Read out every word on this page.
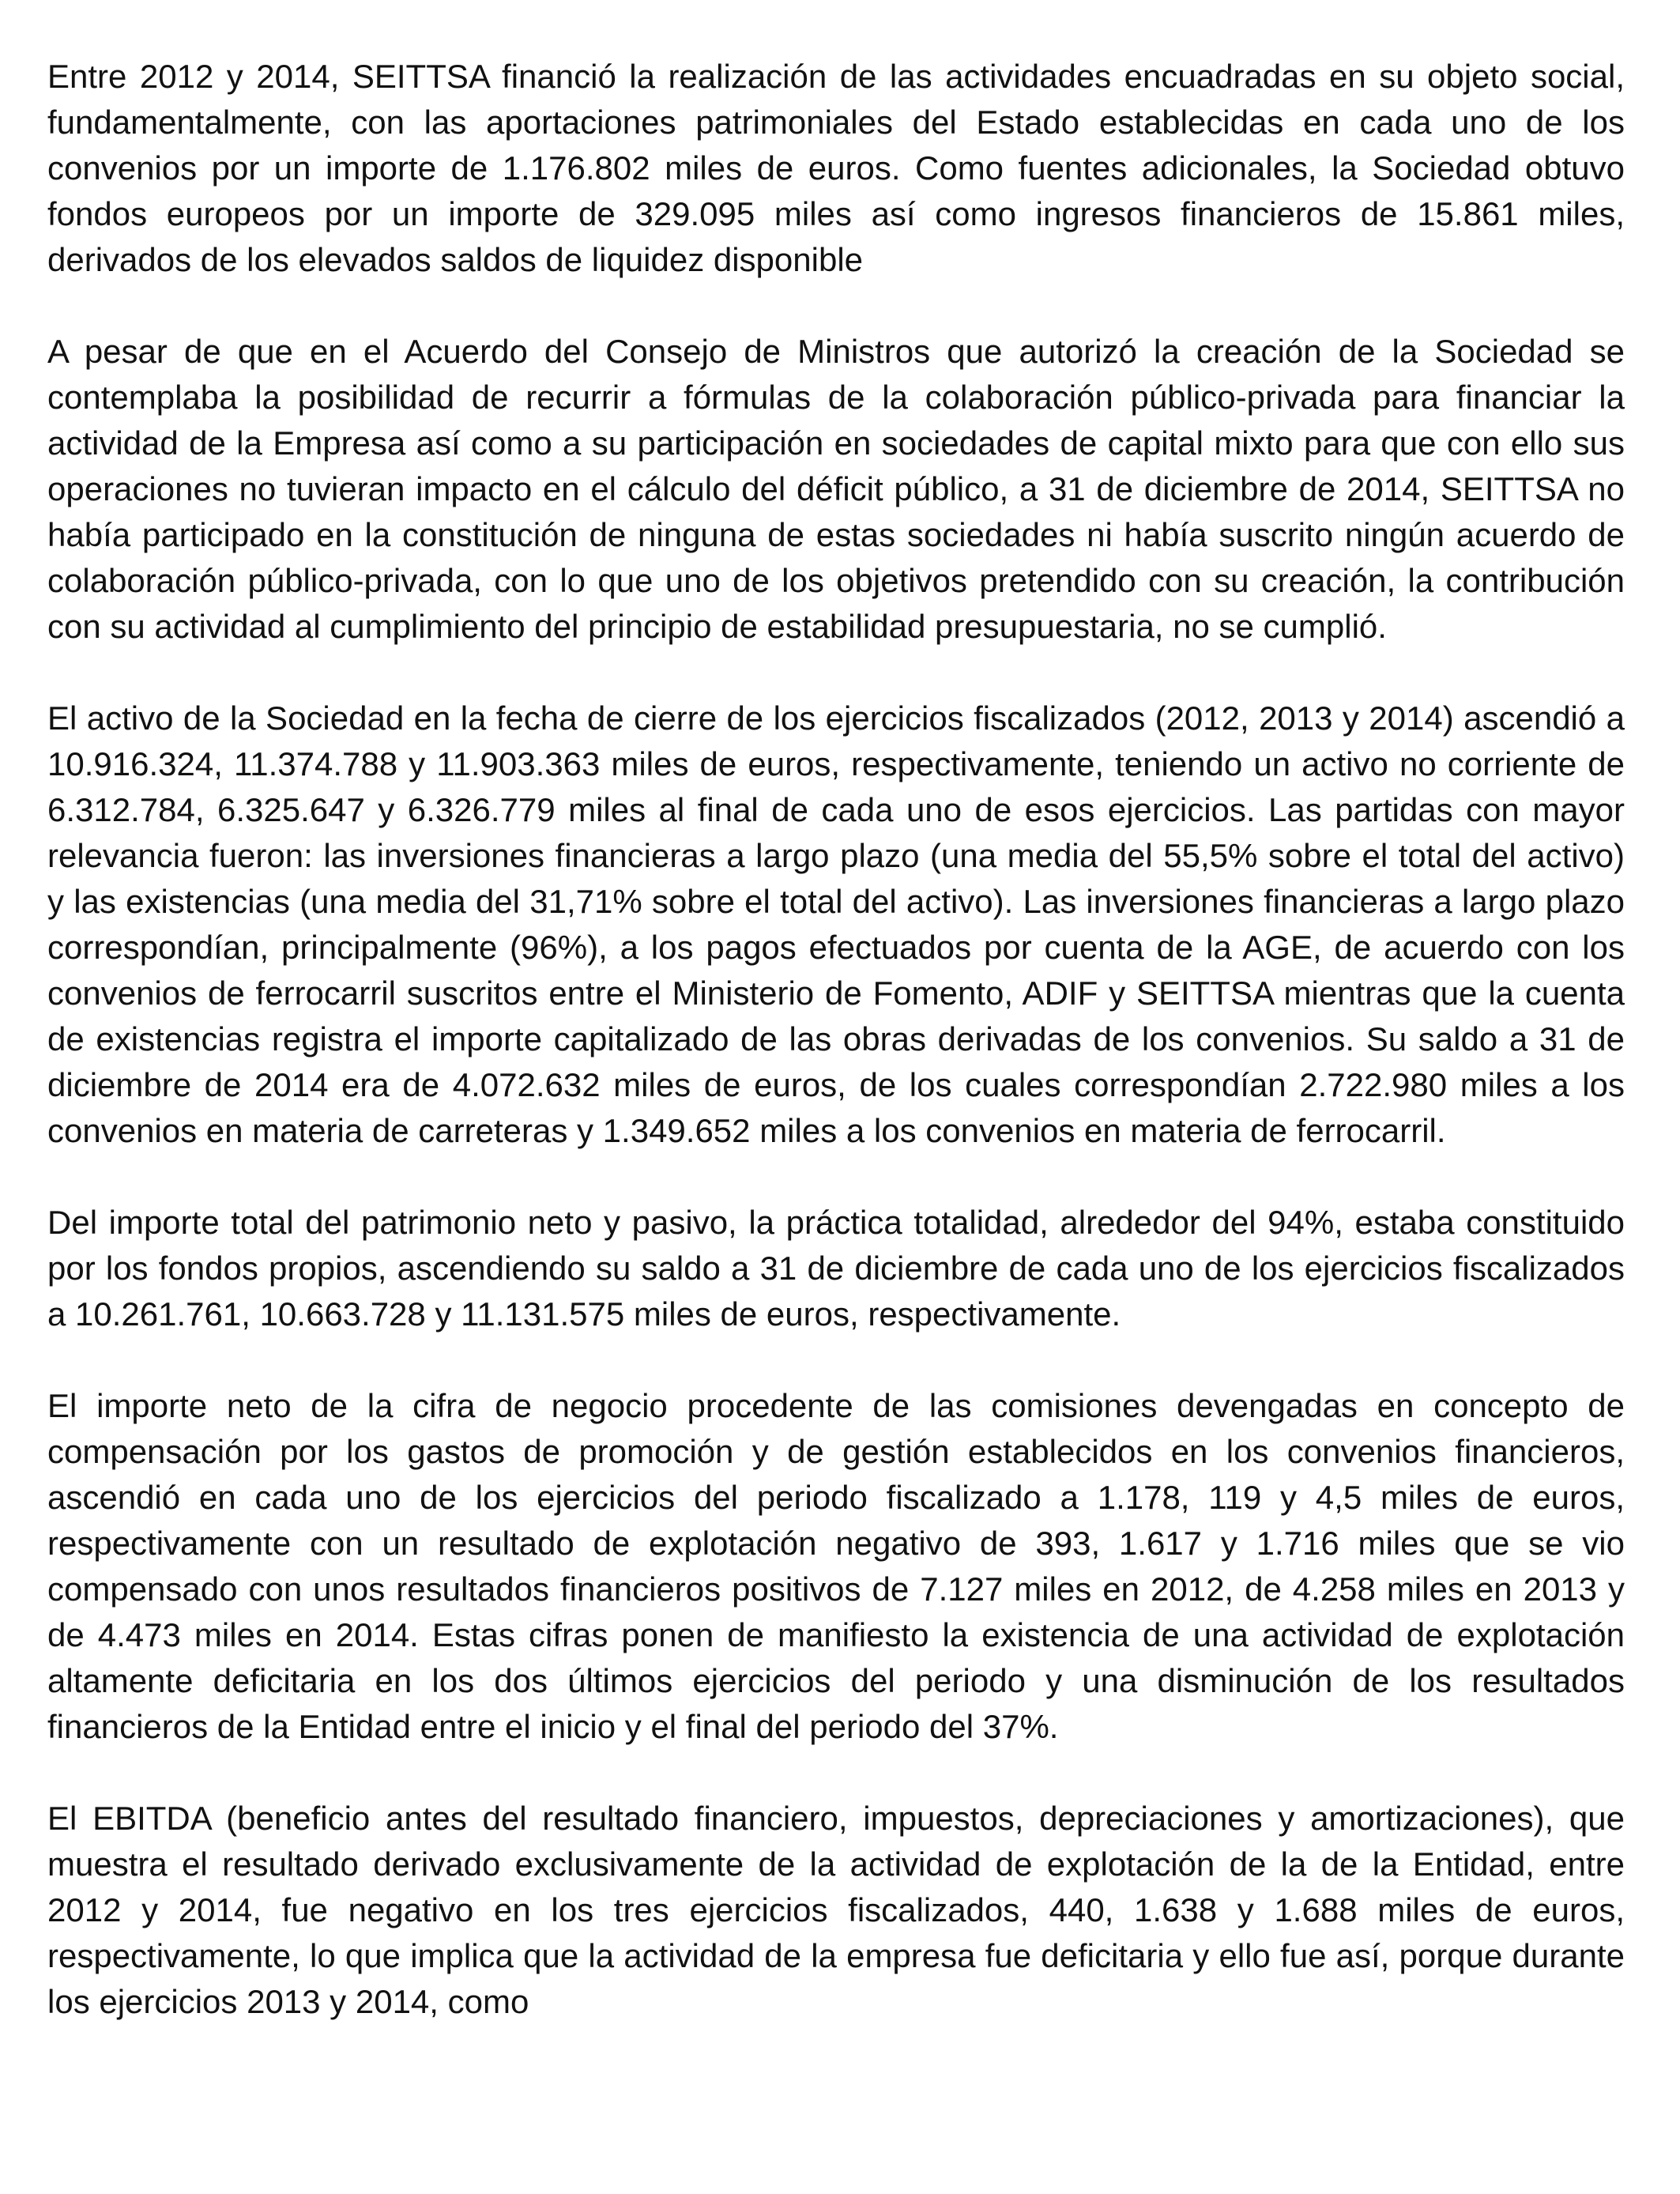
Entre 2012 y 2014, SEITTSA financió la realización de las actividades encuadradas en su objeto social, fundamentalmente, con las aportaciones patrimoniales del Estado establecidas en cada uno de los convenios por un importe de 1.176.802 miles de euros. Como fuentes adicionales, la Sociedad obtuvo fondos europeos por un importe de 329.095 miles así como ingresos financieros de 15.861 miles, derivados de los elevados saldos de liquidez disponible

A pesar de que en el Acuerdo del Consejo de Ministros que autorizó la creación de la Sociedad se contemplaba la posibilidad de recurrir a fórmulas de la colaboración público-privada para financiar la actividad de la Empresa así como a su participación en sociedades de capital mixto para que con ello sus operaciones no tuvieran impacto en el cálculo del déficit público, a 31 de diciembre de 2014, SEITTSA no había participado en la constitución de ninguna de estas sociedades ni había suscrito ningún acuerdo de colaboración público-privada, con lo que uno de los objetivos pretendido con su creación, la contribución con su actividad al cumplimiento del principio de estabilidad presupuestaria, no se cumplió.

El activo de la Sociedad en la fecha de cierre de los ejercicios fiscalizados (2012, 2013 y 2014) ascendió a 10.916.324, 11.374.788 y 11.903.363 miles de euros, respectivamente, teniendo un activo no corriente de 6.312.784, 6.325.647 y 6.326.779 miles al final de cada uno de esos ejercicios. Las partidas con mayor relevancia fueron: las inversiones financieras a largo plazo (una media del 55,5% sobre el total del activo) y las existencias (una media del 31,71% sobre el total del activo). Las inversiones financieras a largo plazo correspondían, principalmente (96%), a los pagos efectuados por cuenta de la AGE, de acuerdo con los convenios de ferrocarril suscritos entre el Ministerio de Fomento, ADIF y SEITTSA mientras que la cuenta de existencias registra el importe capitalizado de las obras derivadas de los convenios. Su saldo a 31 de diciembre de 2014 era de 4.072.632 miles de euros, de los cuales correspondían 2.722.980 miles a los convenios en materia de carreteras y 1.349.652 miles a los convenios en materia de ferrocarril.

Del importe total del patrimonio neto y pasivo, la práctica totalidad, alrededor del 94%, estaba constituido por los fondos propios, ascendiendo su saldo a 31 de diciembre de cada uno de los ejercicios fiscalizados a 10.261.761, 10.663.728 y 11.131.575 miles de euros, respectivamente.

El importe neto de la cifra de negocio procedente de las comisiones devengadas en concepto de compensación por los gastos de promoción y de gestión establecidos en los convenios financieros, ascendió en cada uno de los ejercicios del periodo fiscalizado a 1.178, 119 y 4,5 miles de euros, respectivamente con un resultado de explotación negativo de 393, 1.617 y 1.716 miles que se vio compensado con unos resultados financieros positivos de 7.127 miles en 2012, de 4.258 miles en 2013 y de 4.473 miles en 2014. Estas cifras ponen de manifiesto la existencia de una actividad de explotación altamente deficitaria en los dos últimos ejercicios del periodo y una disminución de los resultados financieros de la Entidad entre el inicio y el final del periodo del 37%.

El EBITDA (beneficio antes del resultado financiero, impuestos, depreciaciones y amortizaciones), que muestra el resultado derivado exclusivamente de la actividad de explotación de la de la Entidad, entre 2012 y 2014, fue negativo en los tres ejercicios fiscalizados, 440, 1.638 y 1.688 miles de euros, respectivamente, lo que implica que la actividad de la empresa fue deficitaria y ello fue así, porque durante los ejercicios 2013 y 2014, como
